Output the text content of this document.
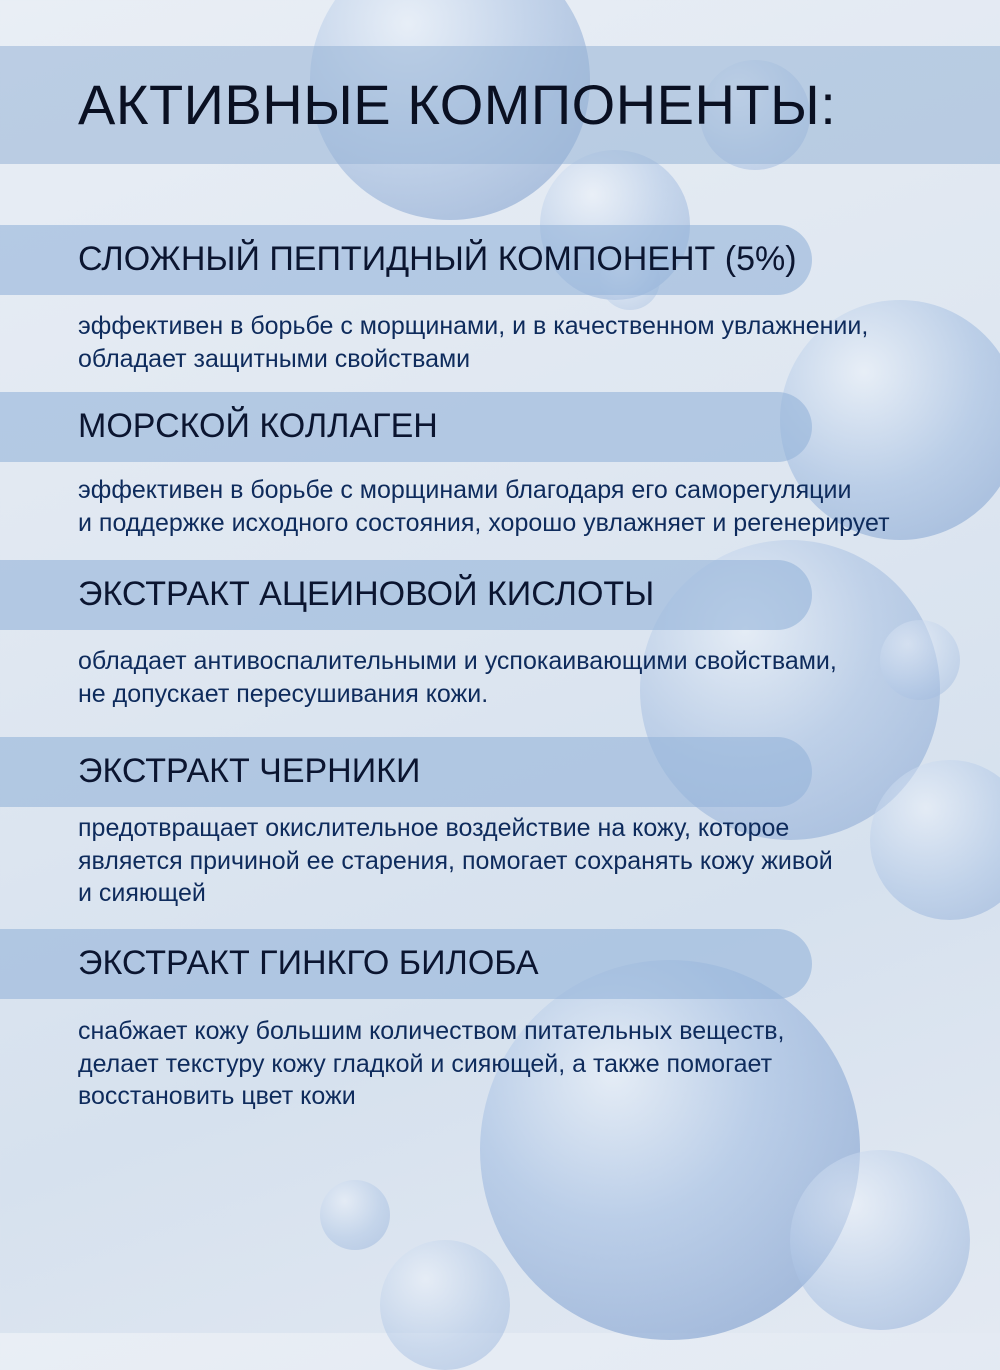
АКТИВНЫЕ КОМПОНЕНТЫ:
СЛОЖНЫЙ ПЕПТИДНЫЙ КОМПОНЕНТ (5%)

эффективен в борьбе с морщинами, и в качественном увлажнении,
обладает защитными свойствами

МОРСКОЙ КОЛЛАГЕН

эффективен в борьбе с морщинами благодаря его саморегуляции
и поддержке исходного состояния, хорошо увлажняет и регенерирует

ЭКСТРАКТ АЦЕИНОВОЙ КИСЛОТЫ

обладает антивоспалительными и успокаивающими свойствами,
не допускает пересушивания кожи.

ЭКСТРАКТ ЧЕРНИКИ

предотвращает окислительное воздействие на кожу, которое
является причиной ее старения, помогает сохранять кожу живой
и сияющей

ЭКСТРАКТ ГИНКГО БИЛОБА

снабжает кожу большим количеством питательных веществ,
делает текстуру кожу гладкой и сияющей, а также помогает
восстановить цвет кожи
